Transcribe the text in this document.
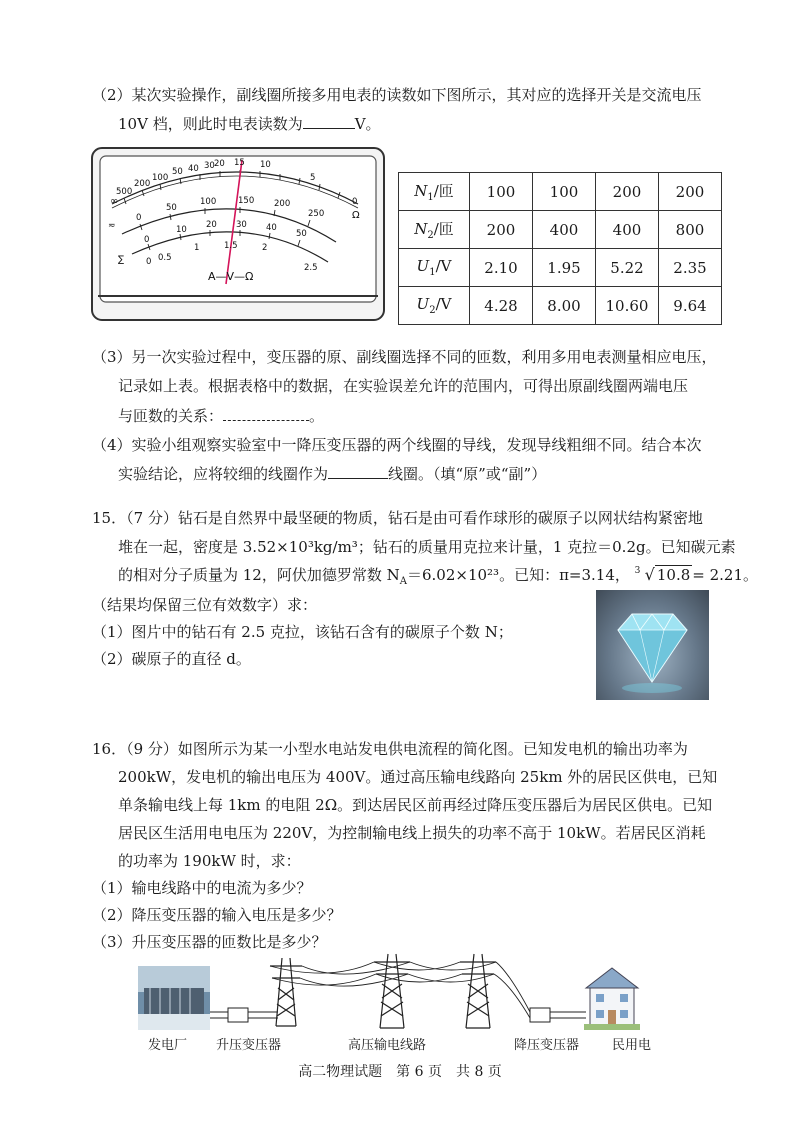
（2）某次实验操作，副线圈所接多用电表的读数如下图所示，其对应的选择开关是交流电压
10V 档，则此时电表读数为	V。
500
200
100
50 40 30 20 15 10
5
0
∞
Ω
≂
0
50
100	150 200
250
0
10 20 30 40
50
∑	0 0.5
1	1.5	2
2.5
A—V—Ω
$N_1/$匝	100	100	200	200
$N_2/$匝	200	400	400	800
$U_1/V$	2.10	1.95	5.22	2.35
$U_2/V$	4.28	8.00	10.60	9.64
（3）另一次实验过程中，变压器的原、副线圈选择不同的匝数，利用多用电表测量相应电压，
记录如上表。根据表格中的数据，在实验误差允许的范围内，可得出原副线圈两端电压
与匝数的关系：	。
（4）实验小组观察实验室中一降压变压器的两个线圈的导线，发现导线粗细不同。结合本次
实验结论，应将较细的线圈作为	线圈。（填“原”或“副”）
15．（7 分）钻石是自然界中最坚硬的物质，钻石是由可看作球形的碳原子以网状结构紧密地
堆在一起，密度是 3.52×10³kg/m³；钻石的质量用克拉来计量，1 克拉＝0.2g。已知碳元素
的相对分子质量为 12，阿伏加德罗常数 $N_A=6.02\times 10^{23}$。已知：π=3.14， 3 √ 10.8 = 2.21。
（结果均保留三位有效数字）求：
（1）图片中的钻石有 2.5 克拉，该钻石含有的碳原子个数 N；
（2）碳原子的直径 d。
16．（9 分）如图所示为某一小型水电站发电供电流程的简化图。已知发电机的输出功率为
200kW，发电机的输出电压为 400V。通过高压输电线路向 25km 外的居民区供电，已知
单条输电线上每 1km 的电阻 2Ω。到达居民区前再经过降压变压器后为居民区供电。已知
居民区生活用电电压为 220V，为控制输电线上损失的功率不高于 10kW。若居民区消耗
的功率为 190kW 时，求：
（1）输电线路中的电流为多少？
（2）降压变压器的输入电压是多少？
（3）升压变压器的匝数比是多少？
发电厂 升压变压器	高压输电线路	降压变压器	民用电
高二物理试题　第 6 页　共 8 页
